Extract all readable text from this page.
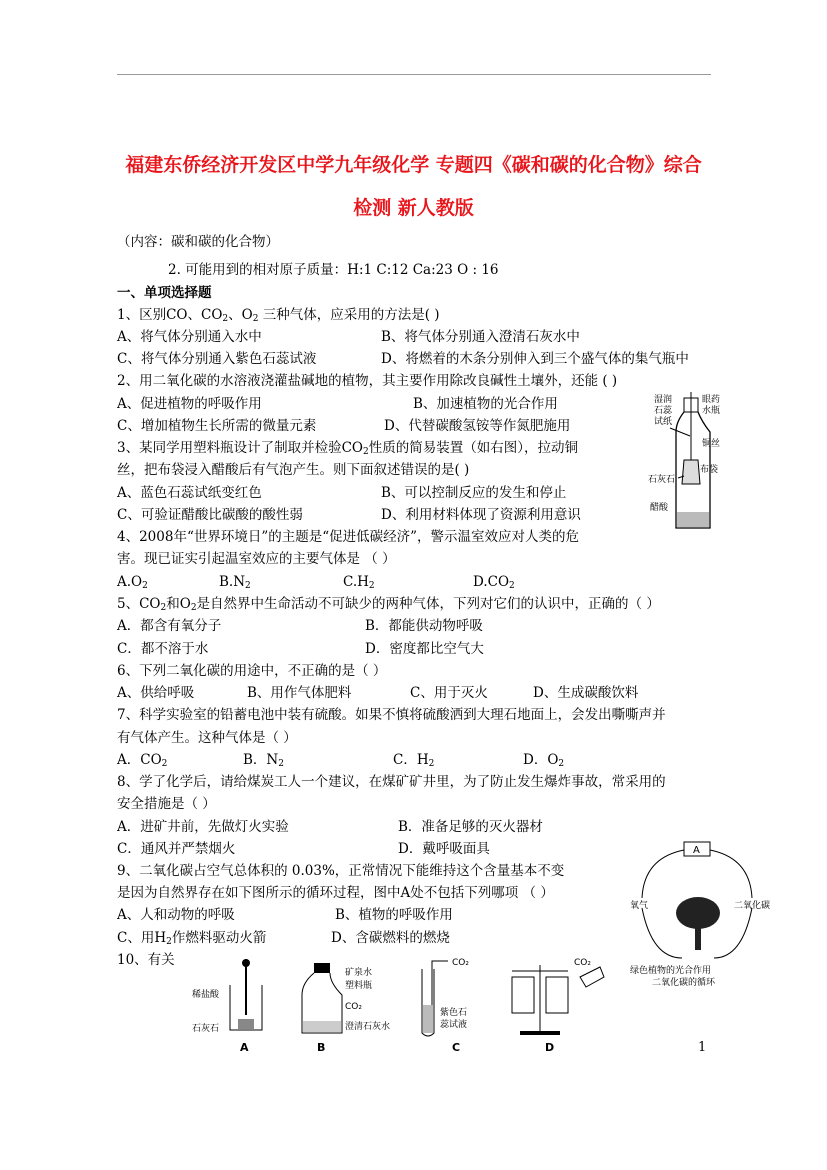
福建东侨经济开发区中学九年级化学 专题四《碳和碳的化合物》综合
检测 新人教版
（内容：碳和碳的化合物）
2. 可能用到的相对原子质量：H:1 C:12 Ca:23 O : 16
一、单项选择题
1、区别CO、$CO_2$、$O_2$ 三种气体，应采用的方法是( )
A、将气体分别通入水中	B、将气体分别通入澄清石灰水中
C、将气体分别通入紫色石蕊试液	D、将燃着的木条分别伸入到三个盛气体的集气瓶中
2、用二氧化碳的水溶液浇灌盐碱地的植物，其主要作用除改良碱性土壤外，还能 ( )
A、促进植物的呼吸作用	B、加速植物的光合作用
C、增加植物生长所需的微量元素	D、代替碳酸氢铵等作氮肥施用
3、某同学用塑料瓶设计了制取并检验$CO_2$性质的简易装置（如右图），拉动铜
丝，把布袋浸入醋酸后有气泡产生。则下面叙述错误的是( )
A、蓝色石蕊试纸变红色	B、可以控制反应的发生和停止
C、可验证醋酸比碳酸的酸性弱	D、利用材料体现了资源利用意识
4、2008年“世界环境日”的主题是“促进低碳经济”，警示温室效应对人类的危
害。现已证实引起温室效应的主要气体是 （ ）
$A.O_2$	$B.N_2$	$C.H_2$	$D.CO_2$
5、$CO_2$和$O_2$是自然界中生命活动不可缺少的两种气体，下列对它们的认识中，正确的（ ）
A．都含有氧分子	B．都能供动物呼吸
C．都不溶于水	D．密度都比空气大
6、下列二氧化碳的用途中，不正确的是（ ）
A、供给呼吸	B、用作气体肥料	C、用于灭火	D、生成碳酸饮料
7、科学实验室的铅蓄电池中装有硫酸。如果不慎将硫酸洒到大理石地面上，会发出嘶嘶声并
有气体产生。这种气体是（ ）
A．$CO_2$	B．$N_2$	C．$H_2$	D．$O_2$
8、学了化学后，请给煤炭工人一个建议，在煤矿矿井里，为了防止发生爆炸事故，常采用的
安全措施是（ ）
A．进矿井前，先做灯火实验	B．准备足够的灭火器材
C．通风并严禁烟火	D．戴呼吸面具
9、二氧化碳占空气总体积的 0.03%，正常情况下能维持这个含量基本不变
是因为自然界存在如下图所示的循环过程，图中A处不包括下列哪项 （ ）
A、人和动物的呼吸	B、植物的呼吸作用
C、用$H_2$作燃料驱动火箭	D、含碳燃料的燃烧
10、有关
湿润
石蕊
试纸
眼药
水瓶
铜丝
布袋
石灰石
醋酸
A
氧气	二氧化碳
绿色植物的光合作用
二氧化碳的循环
稀盐酸
石灰石
A
矿泉水
塑料瓶
CO₂
澄清石灰水
B
CO₂
紫色石
蕊试液
C
CO₂
D	1
